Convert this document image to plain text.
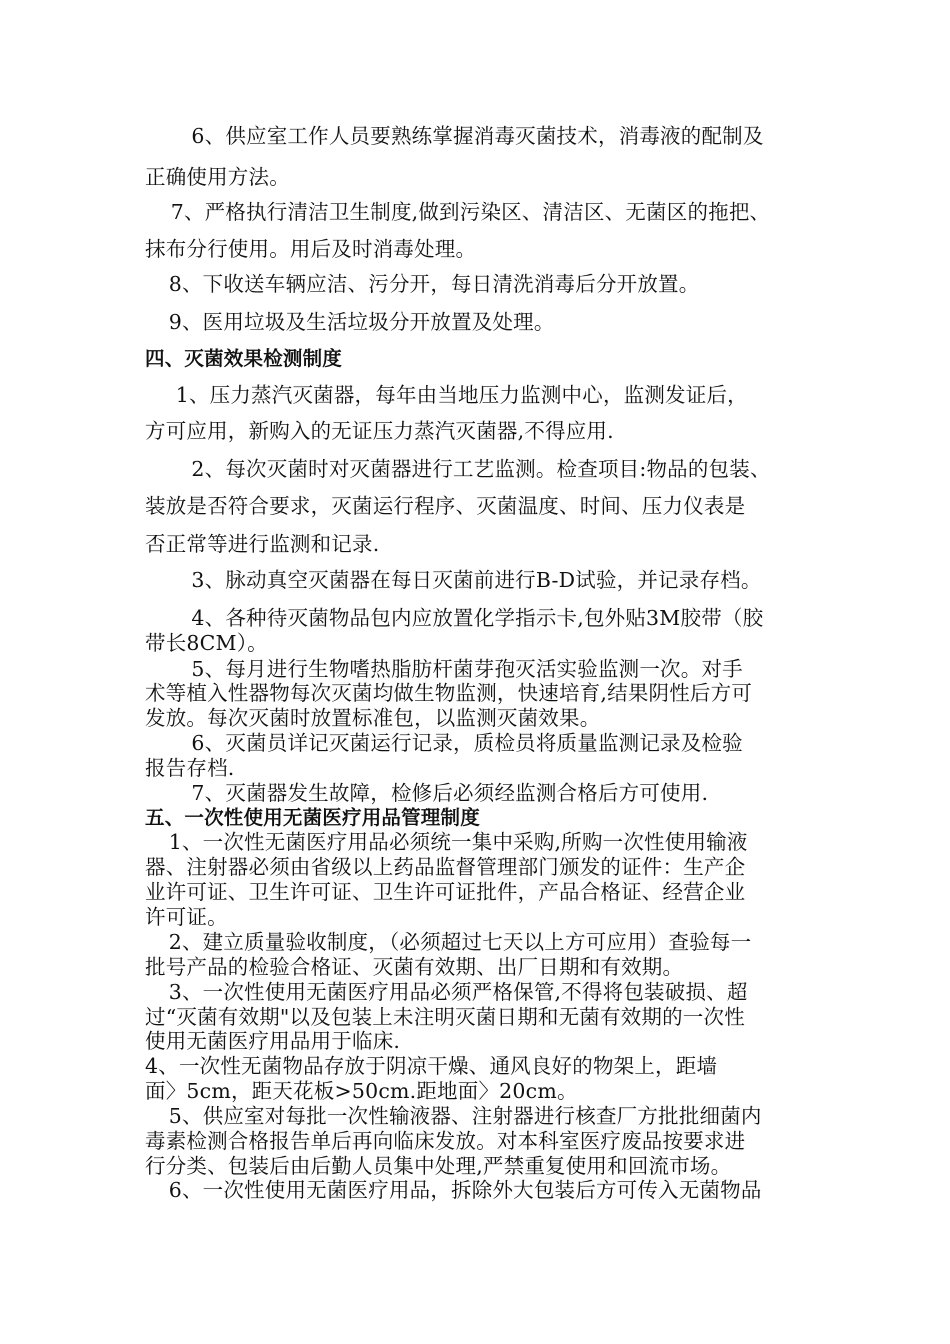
　　6、供应室工作人员要熟练掌握消毒灭菌技术，消毒液的配制及
正确使用方法。
　7、严格执行清洁卫生制度,做到污染区、清洁区、无菌区的拖把、
抹布分行使用。用后及时消毒处理。
　8、下收送车辆应洁、污分开，每日清洗消毒后分开放置。
　9、医用垃圾及生活垃圾分开放置及处理。
四、灭菌效果检测制度
　1、压力蒸汽灭菌器，每年由当地压力监测中心，监测发证后，
方可应用，新购入的无证压力蒸汽灭菌器,不得应用.
　　2、每次灭菌时对灭菌器进行工艺监测。检查项目:物品的包装、
装放是否符合要求，灭菌运行程序、灭菌温度、时间、压力仪表是
否正常等进行监测和记录.
　　3、脉动真空灭菌器在每日灭菌前进行B-D试验，并记录存档。
　　4、各种待灭菌物品包内应放置化学指示卡,包外贴3M胶带（胶
带长8CM）。
　　5、每月进行生物嗜热脂肪杆菌芽孢灭活实验监测一次。对手
术等植入性器物每次灭菌均做生物监测，快速培育,结果阴性后方可
发放。每次灭菌时放置标准包，以监测灭菌效果。
　　6、灭菌员详记灭菌运行记录，质检员将质量监测记录及检验
报告存档.
　　7、灭菌器发生故障，检修后必须经监测合格后方可使用.
五、一次性使用无菌医疗用品管理制度
　1、一次性无菌医疗用品必须统一集中采购,所购一次性使用输液
器、注射器必须由省级以上药品监督管理部门颁发的证件：生产企
业许可证、卫生许可证、卫生许可证批件，产品合格证、经营企业
许可证。
　2、建立质量验收制度，（必须超过七天以上方可应用）查验每一
批号产品的检验合格证、灭菌有效期、出厂日期和有效期。
　3、一次性使用无菌医疗用品必须严格保管,不得将包装破损、超
过“灭菌有效期"以及包装上未注明灭菌日期和无菌有效期的一次性
使用无菌医疗用品用于临床.
4、一次性无菌物品存放于阴凉干燥、通风良好的物架上，距墙
面〉5cm，距天花板>50cm.距地面〉20cm。
　5、供应室对每批一次性输液器、注射器进行核查厂方批批细菌内
毒素检测合格报告单后再向临床发放。对本科室医疗废品按要求进
行分类、包装后由后勤人员集中处理,严禁重复使用和回流市场。
　6、一次性使用无菌医疗用品，拆除外大包装后方可传入无菌物品
